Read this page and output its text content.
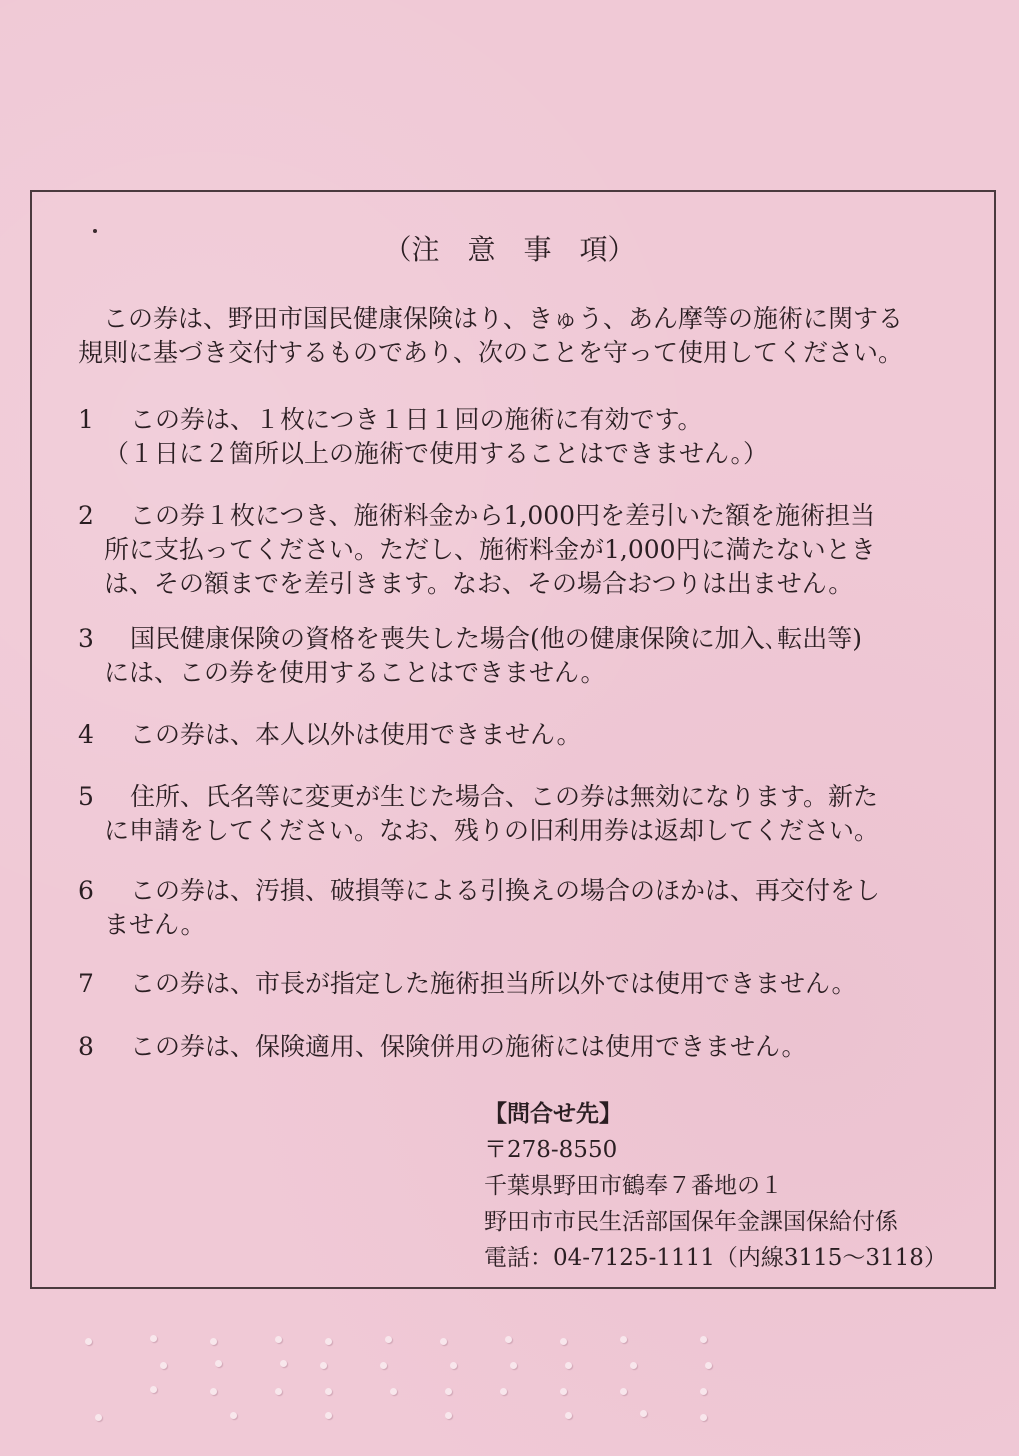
（注　意　事　項）

この券は、野田市国民健康保険はり、きゅう、あん摩等の施術に関する

規則に基づき交付するものであり、次のことを守って使用してください。

1 この券は、１枚につき１日１回の施術に有効です。
（１日に２箇所以上の施術で使用することはできません。）
2 この券１枚につき、施術料金から1,000円を差引いた額を施術担当
所に支払ってください。ただし、施術料金が1,000円に満たないとき
は、その額までを差引きます。なお、その場合おつりは出ません。
3 国民健康保険の資格を喪失した場合(他の健康保険に加入､転出等)
には、この券を使用することはできません。
4 この券は、本人以外は使用できません。
5 住所、氏名等に変更が生じた場合、この券は無効になります。新た
に申請をしてください。なお、残りの旧利用券は返却してください。
6 この券は、汚損、破損等による引換えの場合のほかは、再交付をし
ません。
7 この券は、市長が指定した施術担当所以外では使用できません。
8 この券は、保険適用、保険併用の施術には使用できません。
【問合せ先】
〒278-8550
千葉県野田市鶴奉７番地の１
野田市市民生活部国保年金課国保給付係
電話：04-7125-1111（内線3115～3118）
